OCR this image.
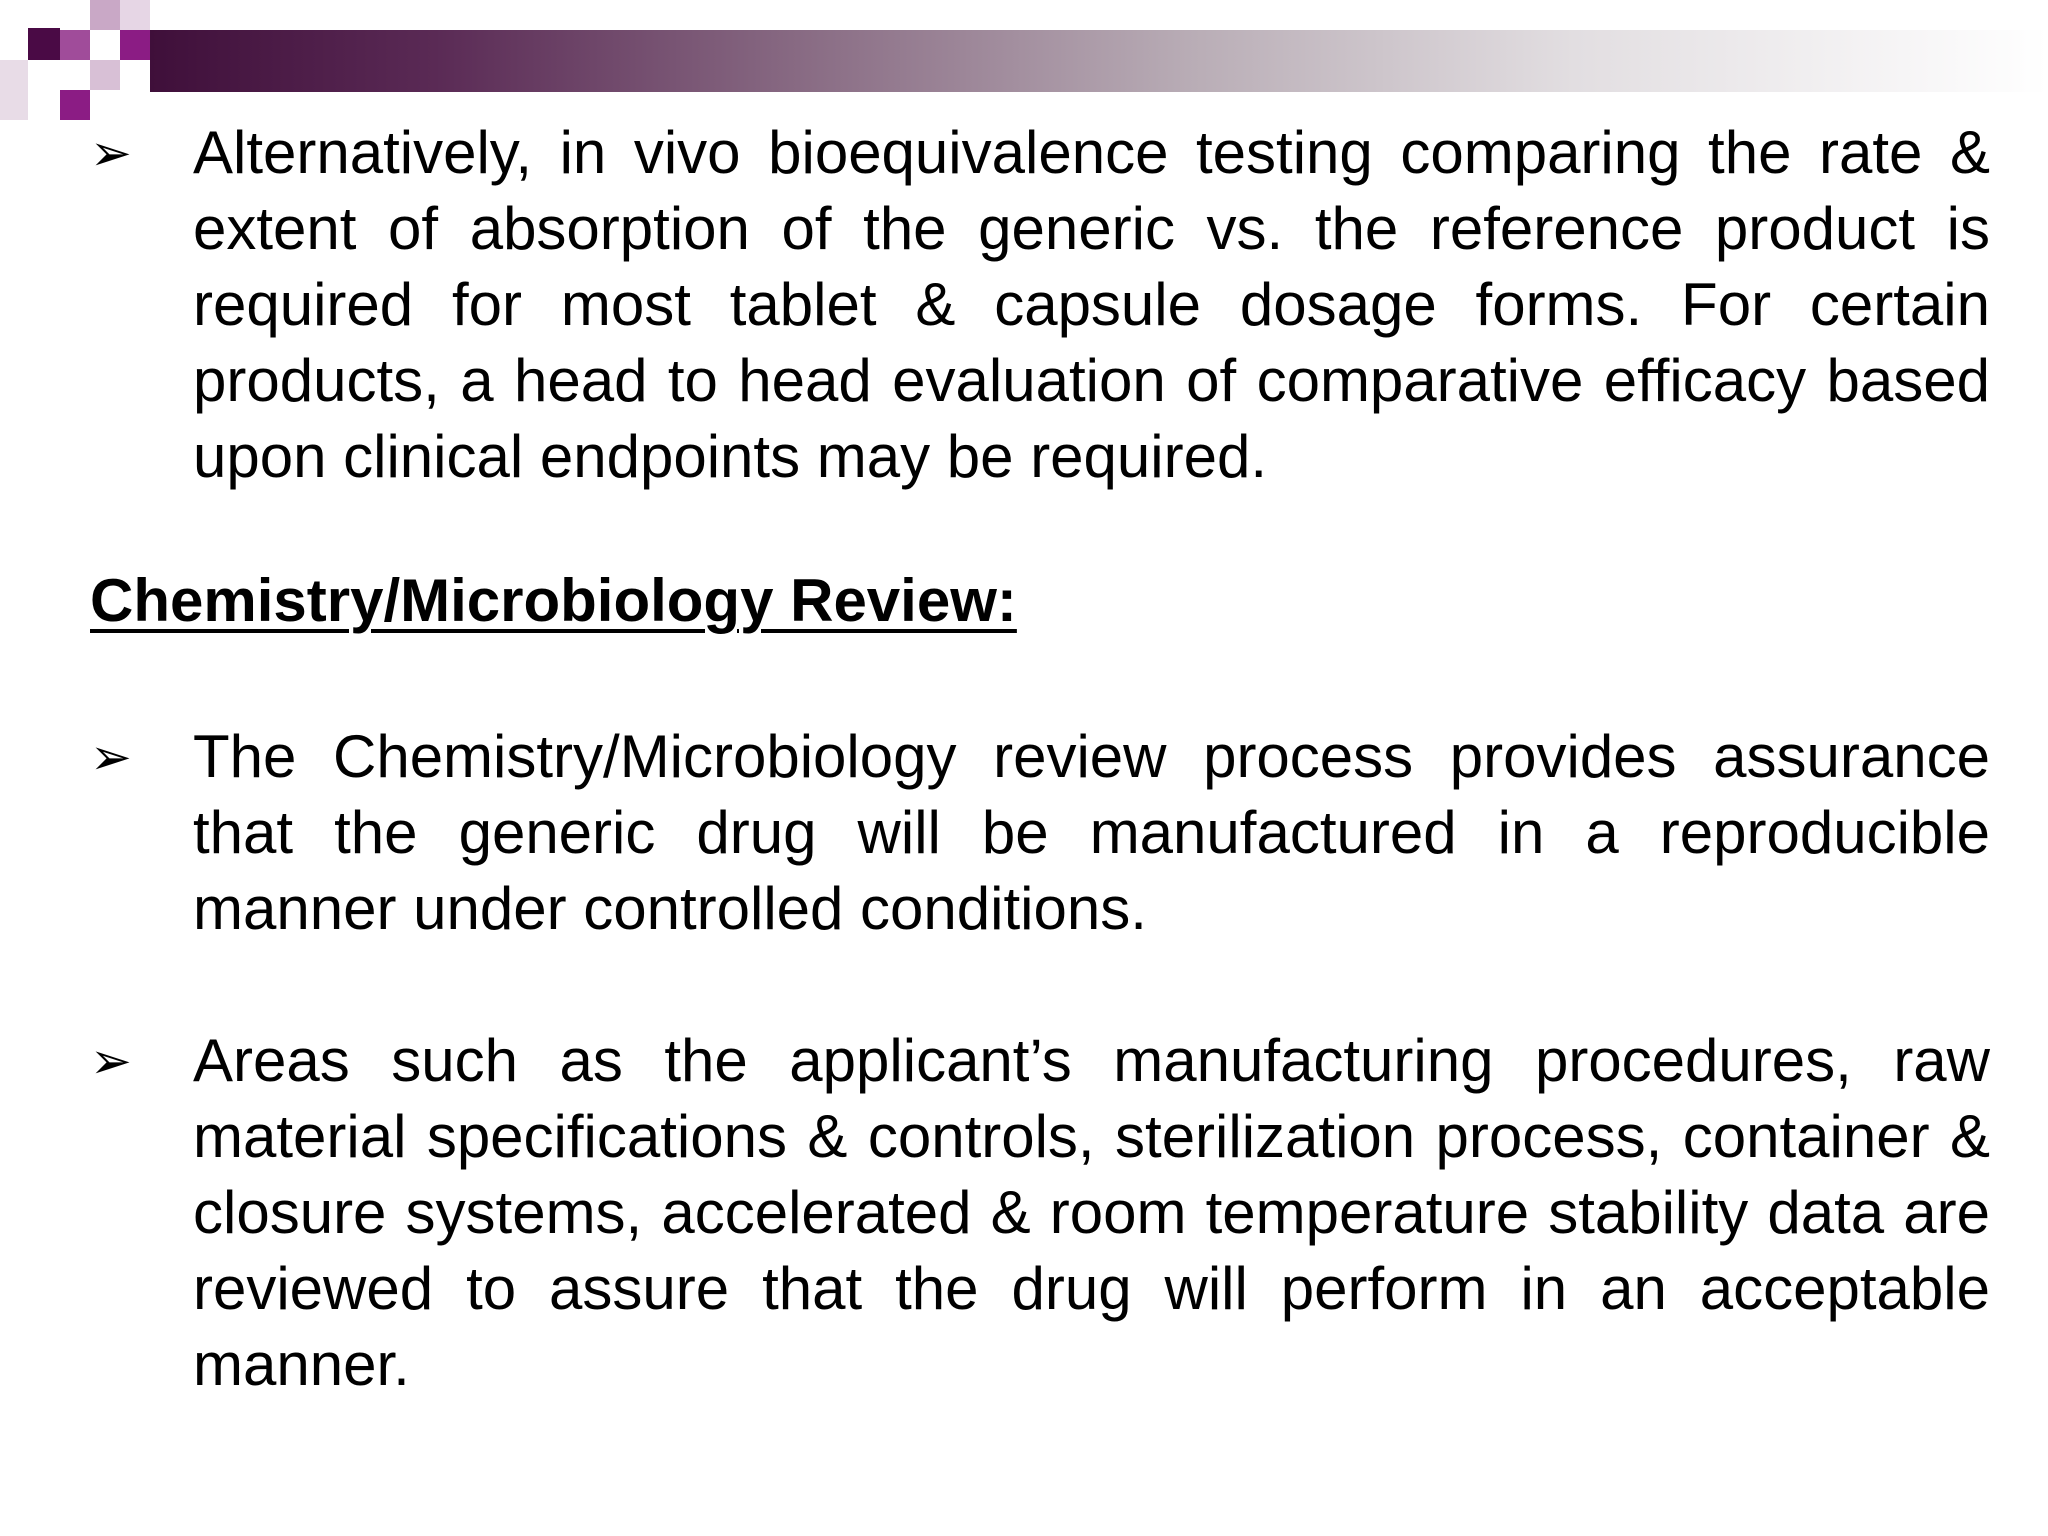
➢ Alternatively, in vivo bioequivalence testing comparing the rate & extent of absorption of the generic vs. the reference product is required for most tablet & capsule dosage forms. For certain products, a head to head evaluation of comparative efficacy based upon clinical endpoints may be required.
Chemistry/Microbiology Review:
➢ The Chemistry/Microbiology review process provides assurance that the generic drug will be manufactured in a reproducible manner under controlled conditions.
➢ Areas such as the applicant’s manufacturing procedures, raw material specifications & controls, sterilization process, container & closure systems, accelerated & room temperature stability data are reviewed to assure that the drug will perform in an acceptable manner.
